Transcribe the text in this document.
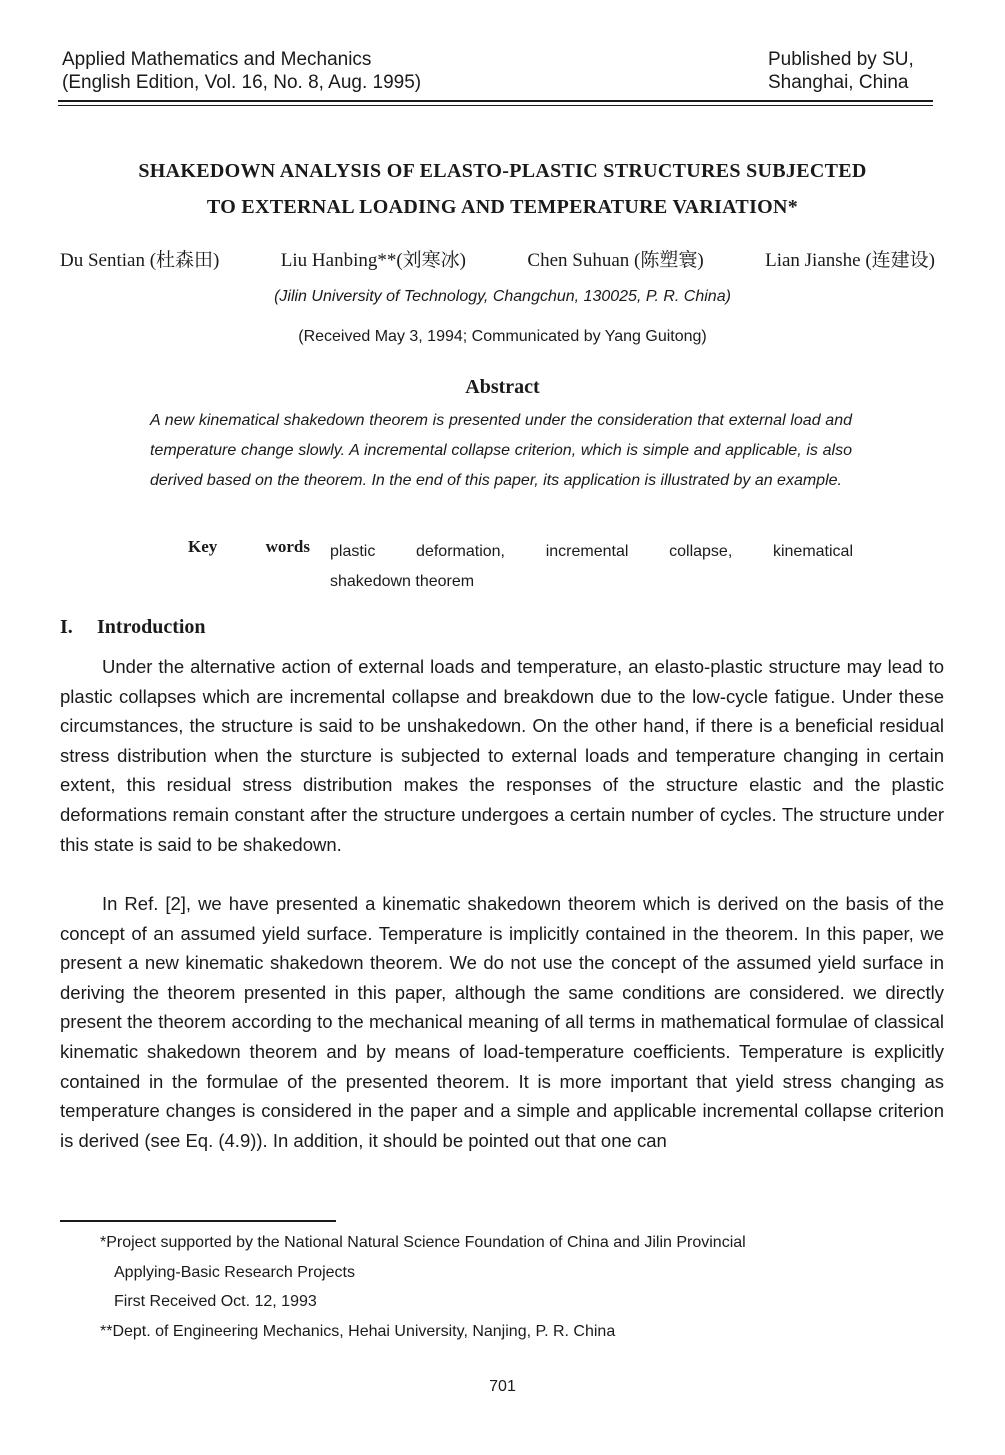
Applied Mathematics and Mechanics
(English Edition, Vol. 16, No. 8, Aug. 1995)
Published by SU,
Shanghai, China
SHAKEDOWN ANALYSIS OF ELASTO-PLASTIC STRUCTURES SUBJECTED
TO EXTERNAL LOADING AND TEMPERATURE VARIATION*
Du Sentian (杜森田)	Liu Hanbing**(刘寒冰)	Chen Suhuan (陈塑寰)	Lian Jianshe (连建设)
(Jilin University of Technology, Changchun, 130025, P. R. China)
(Received May 3, 1994; Communicated by Yang Guitong)
Abstract
A new kinematical shakedown theorem is presented under the consideration that external load and temperature change slowly. A incremental collapse criterion, which is simple and applicable, is also derived based on the theorem. In the end of this paper, its application is illustrated by an example.
Key	words plastic deformation, incremental collapse, kinematical
shakedown theorem
I. Introduction

Under the alternative action of external loads and temperature, an elasto-plastic structure may lead to plastic collapses which are incremental collapse and breakdown due to the low-cycle fatigue. Under these circumstances, the structure is said to be unshakedown. On the other hand, if there is a beneficial residual stress distribution when the sturcture is subjected to external loads and temperature changing in certain extent, this residual stress distribution makes the responses of the structure elastic and the plastic deformations remain constant after the structure undergoes a certain number of cycles. The structure under this state is said to be shakedown.

In Ref. [2], we have presented a kinematic shakedown theorem which is derived on the basis of the concept of an assumed yield surface. Temperature is implicitly contained in the theorem. In this paper, we present a new kinematic shakedown theorem. We do not use the concept of the assumed yield surface in deriving the theorem presented in this paper, although the same conditions are considered. we directly present the theorem according to the mechanical meaning of all terms in mathematical formulae of classical kinematic shakedown theorem and by means of load-temperature coefficients. Temperature is explicitly contained in the formulae of the presented theorem. It is more important that yield stress changing as temperature changes is considered in the paper and a simple and applicable incremental collapse criterion is derived (see Eq. (4.9)). In addition, it should be pointed out that one can

*Project supported by the National Natural Science Foundation of China and Jilin Provincial
Applying-Basic Research Projects
First Received Oct. 12, 1993
**Dept. of Engineering Mechanics, Hehai University, Nanjing, P. R. China
701
